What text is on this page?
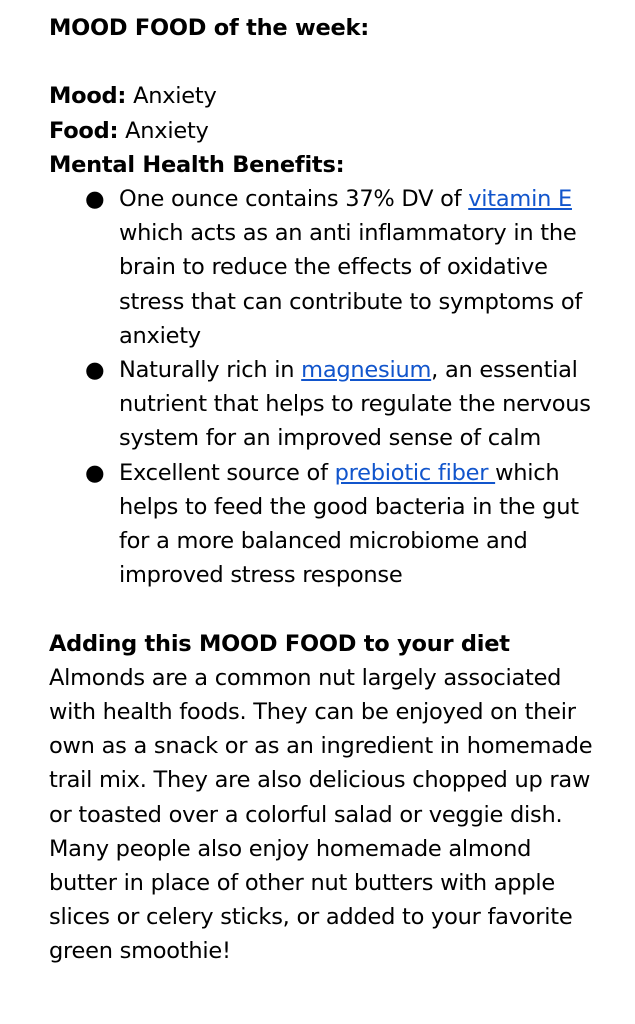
MOOD FOOD of the week:

Mood: Anxiety

Food: Anxiety

Mental Health Benefits:

● One ounce contains 37% DV of vitamin E which acts as an anti inflammatory in the brain to reduce the effects of oxidative stress that can contribute to symptoms of anxiety
● Naturally rich in magnesium, an essential nutrient that helps to regulate the nervous system for an improved sense of calm
● Excellent source of prebiotic fiber which helps to feed the good bacteria in the gut for a more balanced microbiome and improved stress response

Adding this MOOD FOOD to your diet

Almonds are a common nut largely associated with health foods. They can be enjoyed on their own as a snack or as an ingredient in homemade trail mix. They are also delicious chopped up raw or toasted over a colorful salad or veggie dish. Many people also enjoy homemade almond butter in place of other nut butters with apple slices or celery sticks, or added to your favorite green smoothie!
